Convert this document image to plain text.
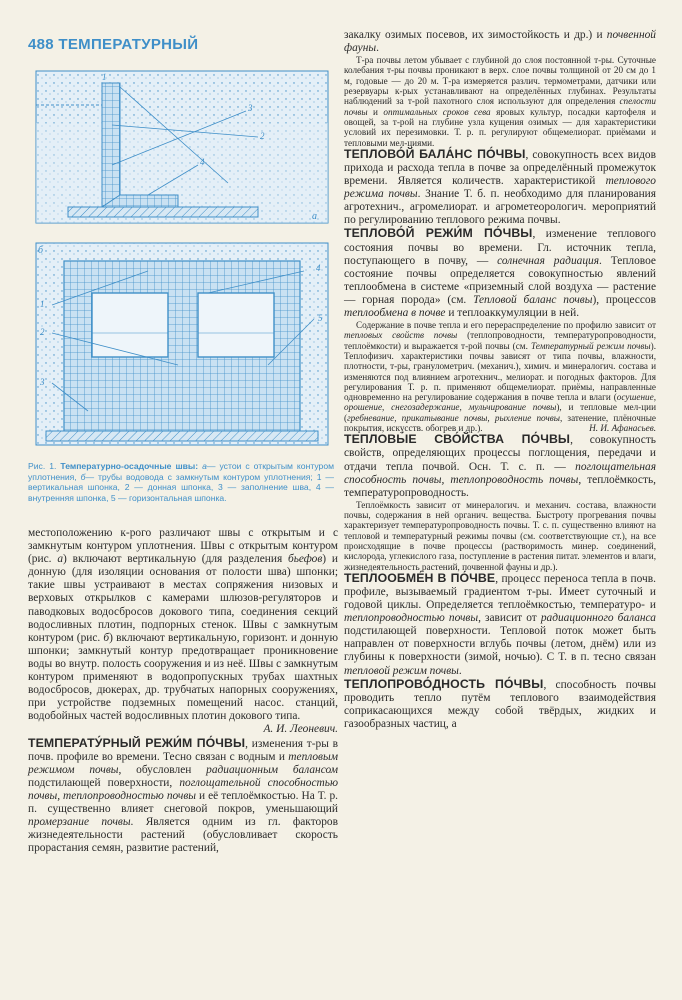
488 ТЕМПЕРАТУРНЫЙ
1
2
3
4
а
б
1
2
3
4
5
Рис. 1. Температурно-осадочные швы: а— устои с открытым контуром уплотнения, б— трубы водовода с замкнутым контуром уплотнения; 1 — вертикальная шпонка, 2 — донная шпонка, 3 — заполнение шва, 4 — внутренняя шпонка, 5 — горизонтальная шпонка.

местоположению к-рого различают швы с открытым и с замкнутым контуром уплотнения. Швы с открытым контуром (рис. а) включают вертикальную (для разделения бьефов) и донную (для изоляции основания от полости шва) шпонки; такие швы устраивают в местах сопряжения низовых и верховых открылков с камерами шлюзов-регуляторов и паводковых водосбросов докового типа, соединения секций водосливных плотин, подпорных стенок. Швы с замкнутым контуром (рис. б) включают вертикальную, горизонт. и донную шпонки; замкнутый контур предотвращает проникновение воды во внутр. полость сооружения и из неё. Швы с замкнутым контуром применяют в водопропускных трубах шахтных водосбросов, дюкерах, др. трубчатых напорных сооружениях, при устройстве подземных помещений насос. станций, водобойных частей водосливных плотин докового типа.
А. И. Леоневич.

ТЕМПЕРАТУ́РНЫЙ РЕЖИ́М ПО́ЧВЫ, изменения т-ры в почв. профиле во времени. Тесно связан с водным и тепловым режимом почвы, обусловлен радиационным балансом подстилающей поверхности, поглощательной способностью почвы, теплопроводностью почвы и её теплоёмкостью. На Т. р. п. существенно влияет снеговой покров, уменьшающий промерзание почвы. Является одним из гл. факторов жизнедеятельности растений (обусловливает скорость прорастания семян, развитие растений,

закалку озимых посевов, их зимостойкость и др.) и почвенной фауны.

Т-ра почвы летом убывает с глубиной до слоя постоянной т-ры. Суточные колебания т-ры почвы проникают в верх. слое почвы толщиной от 20 см до 1 м, годовые — до 20 м. Т-ра измеряется различ. термометрами, датчики или резервуары к-рых устанавливают на определённых глубинах. Результаты наблюдений за т-рой пахотного слоя используют для определения спелости почвы и оптимальных сроков сева яровых культур, посадки картофеля и овощей, за т-рой на глубине узла кущения озимых — для характеристики условий их перезимовки. Т. р. п. регулируют общемелиорат. приёмами и тепловыми мел-циями.

ТЕПЛОВО́Й БАЛА́НС ПО́ЧВЫ, совокупность всех видов прихода и расхода тепла в почве за определённый промежуток времени. Является количеств. характеристикой теплового режима почвы. Знание Т. б. п. необходимо для планирования агротехнич., агромелиорат. и агрометеорологич. мероприятий по регулированию теплового режима почвы.

ТЕПЛОВО́Й РЕЖИ́М ПО́ЧВЫ, изменение теплового состояния почвы во времени. Гл. источник тепла, поступающего в почву, — солнечная радиация. Тепловое состояние почвы определяется совокупностью явлений теплообмена в системе «приземный слой воздуха — растение — горная порода» (см. Тепловой баланс почвы), процессов теплообмена в почве и теплоаккумуляции в ней.

Содержание в почве тепла и его перераспределение по профилю зависит от тепловых свойств почвы (теплопроводности, температуропроводности, теплоёмкости) и выражается т-рой почвы (см. Температурный режим почвы). Теплофизич. характеристики почвы зависят от типа почвы, влажности, плотности, т-ры, гранулометрич. (механич.), химич. и минералогич. состава и изменяются под влиянием агротехнич., мелиорат. и погодных факторов. Для регулирования Т. р. п. применяют общемелиорат. приёмы, направленные одновременно на регулирование содержания в почве тепла и влаги (осушение, орошение, снегозадержание, мульчирование почвы), и тепловые мел-ции (гребневание, прикатывание почвы, рыхление почвы, затенение, плёночные покрытия, искусств. обогрев и др.).	Н. И. Афанасьев.

ТЕПЛОВЫ́Е СВО́ЙСТВА ПО́ЧВЫ, совокупность свойств, определяющих процессы поглощения, передачи и отдачи тепла почвой. Осн. Т. с. п. — поглощательная способность почвы, теплопроводность почвы, теплоёмкость, температуропроводность.

Теплоёмкость зависит от минералогич. и механич. состава, влажности почвы, содержания в ней органич. вещества. Быстроту прогревания почвы характеризует температуропроводность почвы. Т. с. п. существенно влияют на тепловой и температурный режимы почвы (см. соответствующие ст.), на все происходящие в почве процессы (растворимость минер. соединений, кислорода, углекислого газа, поступление в растения питат. элементов и влаги, жизнедеятельность растений, почвенной фауны и др.).

ТЕПЛООБМЕ́Н В ПО́ЧВЕ, процесс переноса тепла в почв. профиле, вызываемый градиентом т-ры. Имеет суточный и годовой циклы. Определяется теплоёмкостью, температуро- и теплопроводностью почвы, зависит от радиационного баланса подстилающей поверхности. Тепловой поток может быть направлен от поверхности вглубь почвы (летом, днём) или из глубины к поверхности (зимой, ночью). С Т. в п. тесно связан тепловой режим почвы.

ТЕПЛОПРОВО́ДНОСТЬ ПО́ЧВЫ, способность почвы проводить тепло путём теплового взаимодействия соприкасающихся между собой твёрдых, жидких и газообразных частиц, а
